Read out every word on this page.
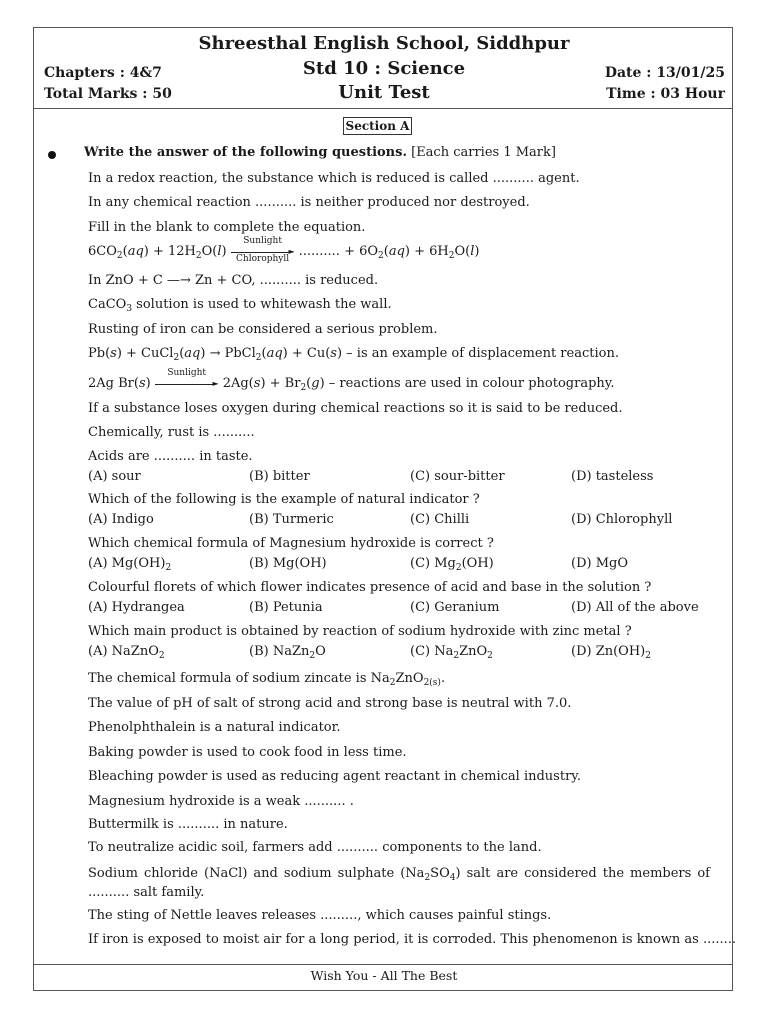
Shreesthal English School, Siddhpur
Std 10 : Science
Unit Test
Chapters : 4&7
Total Marks : 50
Date : 13/01/25
Time : 03 Hour
Section A
Write the answer of the following questions. [Each carries 1 Mark]
In a redox reaction, the substance which is reduced is called .......... agent.
In any chemical reaction .......... is neither produced nor destroyed.
Fill in the blank to complete the equation.
$6CO_2(aq) + 12H_2O(l)$
Sunlight
►
Chlorophyll .......... + $6O_2(aq) + 6H_2O(l)$
In ZnO + C —→ Zn + CO, .......... is reduced.
CaCO$_3$ solution is used to whitewash the wall.
Rusting of iron can be considered a serious problem.
Pb(s) + CuCl$_2$(aq) → PbCl$_2$(aq) + Cu(s) – is an example of displacement reaction.
2Ag Br(s)
Sunlight
► $2Ag(s) + Br_2(g)$ – reactions are used in colour photography.
If a substance loses oxygen during chemical reactions so it is said to be reduced.
Chemically, rust is ..........
Acids are .......... in taste.
(A) sour	(B) bitter	(C) sour-bitter	(D) tasteless
Which of the following is the example of natural indicator ?
(A) Indigo	(B) Turmeric	(C) Chilli	(D) Chlorophyll
Which chemical formula of Magnesium hydroxide is correct ?
(A) $Mg(OH)_2$	(B) Mg(OH)	(C) $Mg_2(OH)$	(D) MgO
Colourful florets of which flower indicates presence of acid and base in the solution ?
(A) Hydrangea	(B) Petunia	(C) Geranium	(D) All of the above
Which main product is obtained by reaction of sodium hydroxide with zinc metal ?
(A) NaZnO$_2$	(B) NaZn$_2$O	(C) $Na_2ZnO_2$	(D) $Zn(OH)_2$
The chemical formula of sodium zincate is $Na_2ZnO_{2(s)}$.
The value of pH of salt of strong acid and strong base is neutral with 7.0.
Phenolphthalein is a natural indicator.
Baking powder is used to cook food in less time.
Bleaching powder is used as reducing agent reactant in chemical industry.
Magnesium hydroxide is a weak .......... .
Buttermilk is .......... in nature.
To neutralize acidic soil, farmers add .......... components to the land.
Sodium chloride (NaCl) and sodium sulphate $(Na_2SO_4)$ salt are considered the members of .......... salt family.
The sting of Nettle leaves releases ........., which causes painful stings.
If iron is exposed to moist air for a long period, it is corroded. This phenomenon is known as ........
Wish You - All The Best
